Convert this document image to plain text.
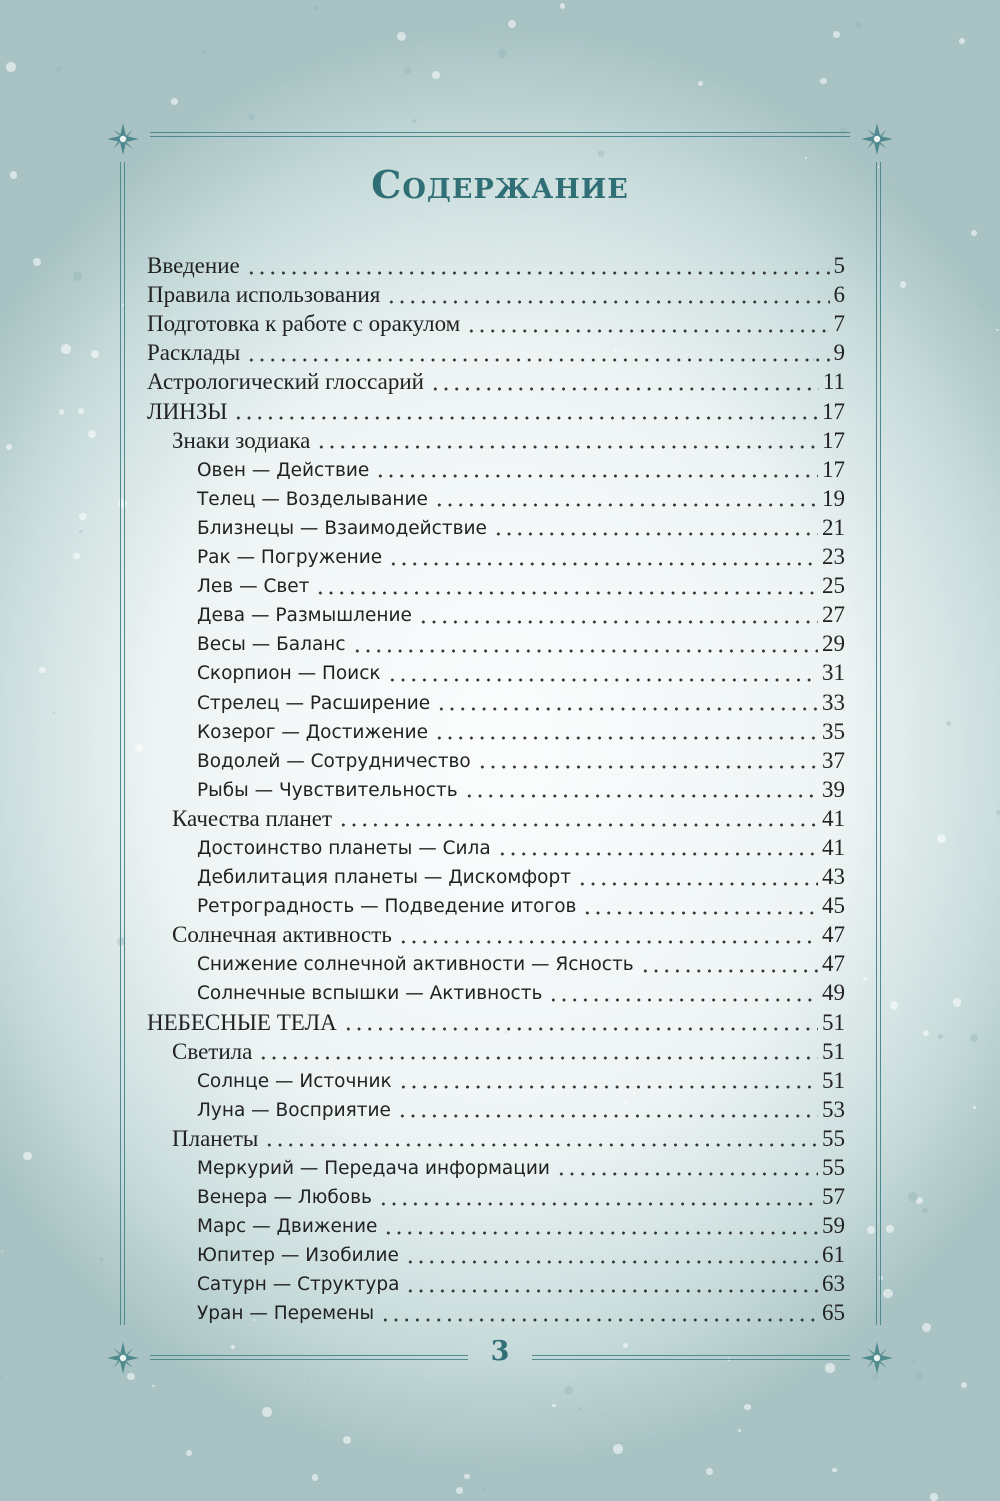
Содержание
Введение	5
Правила использования	6
Подготовка к работе с оракулом	7
Расклады	9
Астрологический глоссарий	11
ЛИНЗЫ	17
Знаки зодиака	17
Овен — Действие	17
Телец — Возделывание	19
Близнецы — Взаимодействие	21
Рак — Погружение	23
Лев — Свет	25
Дева — Размышление	27
Весы — Баланс	29
Скорпион — Поиск	31
Стрелец — Расширение	33
Козерог — Достижение	35
Водолей — Сотрудничество	37
Рыбы — Чувствительность	39
Качества планет	41
Достоинство планеты — Сила	41
Дебилитация планеты — Дискомфорт	43
Ретроградность — Подведение итогов	45
Солнечная активность	47
Снижение солнечной активности — Ясность	47
Солнечные вспышки — Активность	49
НЕБЕСНЫЕ ТЕЛА	51
Светила	51
Солнце — Источник	51
Луна — Восприятие	53
Планеты	55
Меркурий — Передача информации	55
Венера — Любовь	57
Марс — Движение	59
Юпитер — Изобилие	61
Сатурн — Структура	63
Уран — Перемены	65
3
